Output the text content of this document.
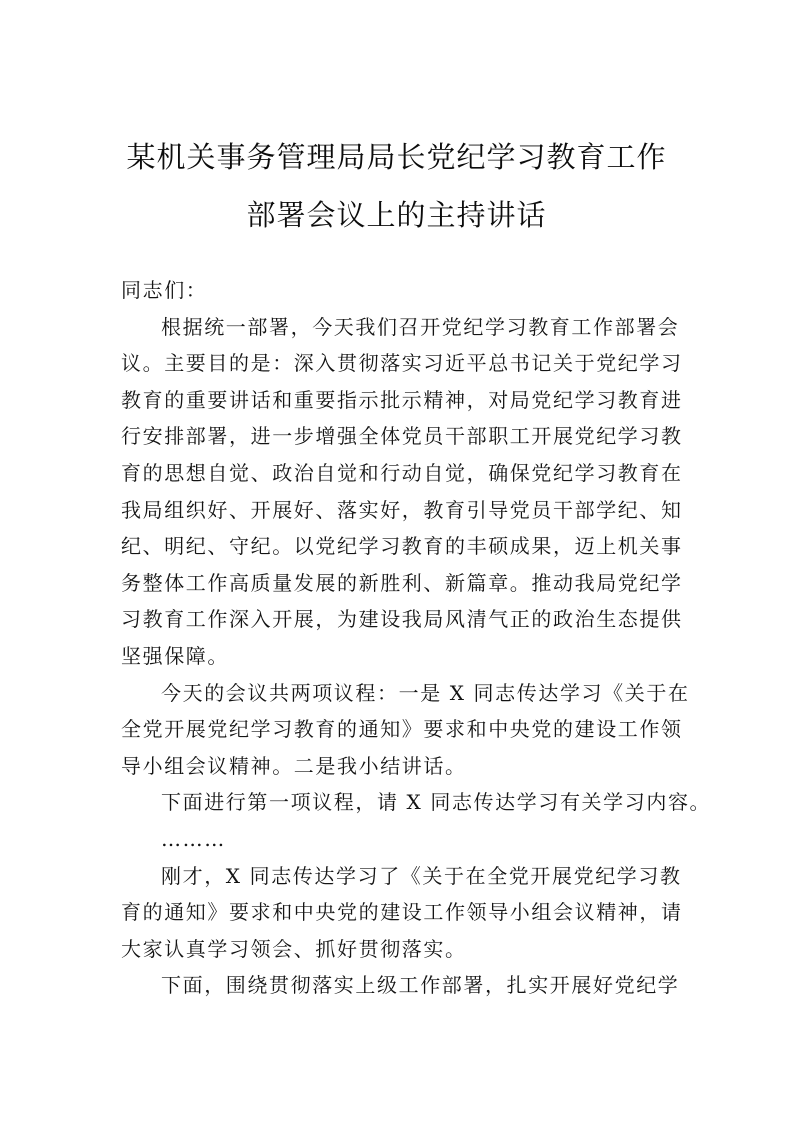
某机关事务管理局局长党纪学习教育工作
部署会议上的主持讲话
同志们：
根据统一部署，今天我们召开党纪学习教育工作部署会
议。主要目的是：深入贯彻落实习近平总书记关于党纪学习
教育的重要讲话和重要指示批示精神，对局党纪学习教育进
行安排部署，进一步增强全体党员干部职工开展党纪学习教
育的思想自觉、政治自觉和行动自觉，确保党纪学习教育在
我局组织好、开展好、落实好，教育引导党员干部学纪、知
纪、明纪、守纪。以党纪学习教育的丰硕成果，迈上机关事
务整体工作高质量发展的新胜利、新篇章。推动我局党纪学
习教育工作深入开展，为建设我局风清气正的政治生态提供
坚强保障。
今天的会议共两项议程：一是 X 同志传达学习《关于在
全党开展党纪学习教育的通知》要求和中央党的建设工作领
导小组会议精神。二是我小结讲话。
下面进行第一项议程，请 X 同志传达学习有关学习内容。
………
刚才，X 同志传达学习了《关于在全党开展党纪学习教
育的通知》要求和中央党的建设工作领导小组会议精神，请
大家认真学习领会、抓好贯彻落实。
下面，围绕贯彻落实上级工作部署，扎实开展好党纪学
